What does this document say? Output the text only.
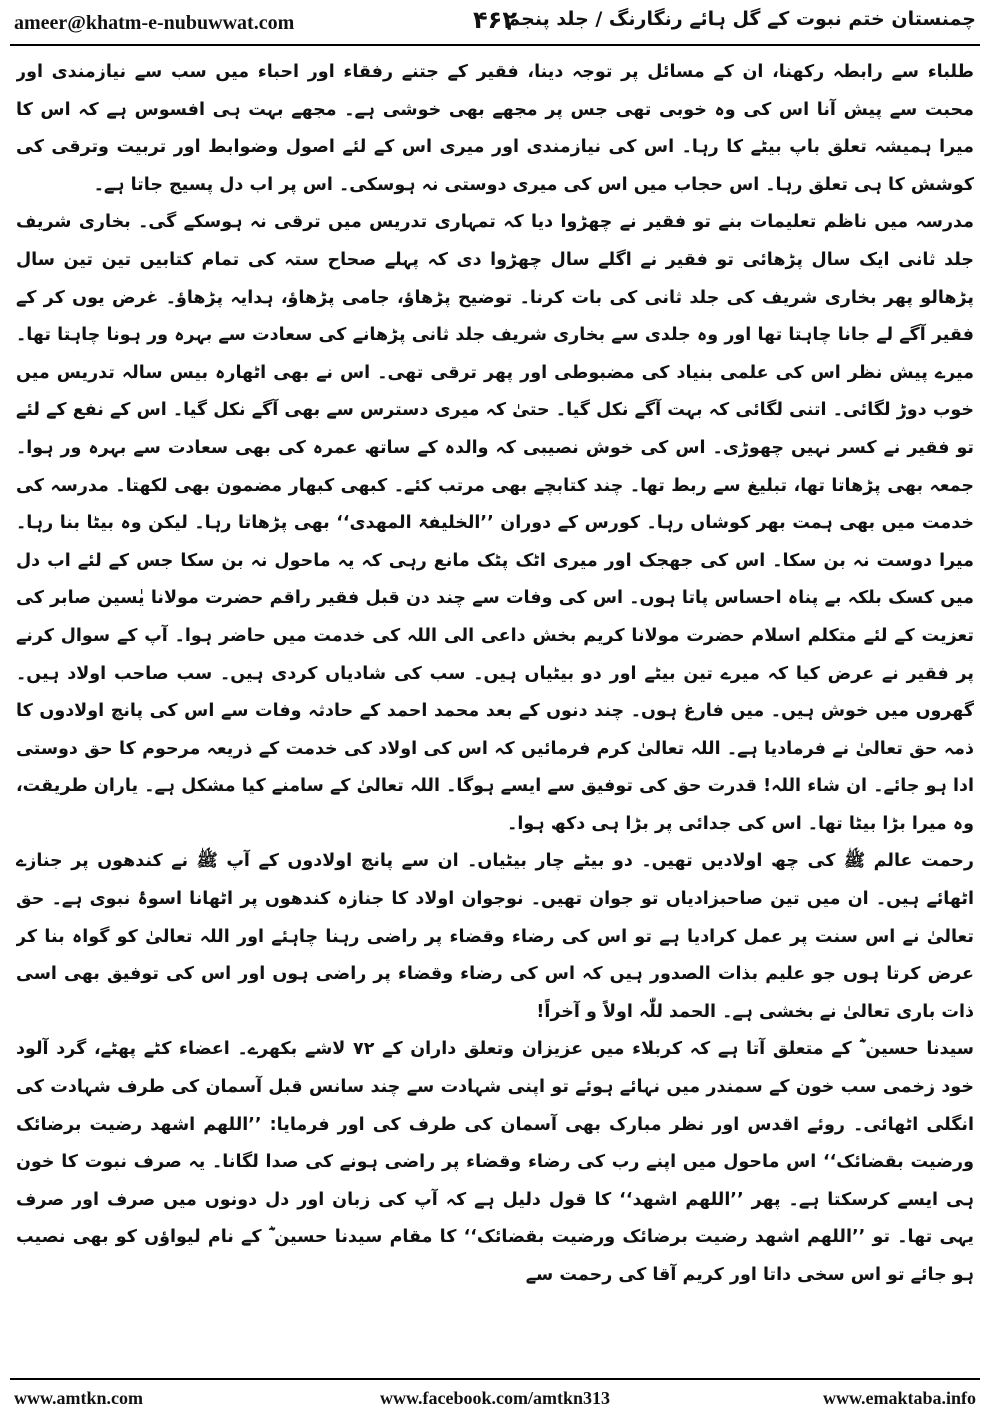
ameer@khatm-e-nubuwwat.com	۴۶۲
چمنستان ختم نبوت کے گل ہائے رنگارنگ / جلد پنجم

طلباء سے رابطہ رکھنا، ان کے مسائل پر توجہ دینا، فقیر کے جتنے رفقاء اور احباء میں سب سے نیازمندی اور محبت سے پیش آنا اس کی وہ خوبی تھی جس پر مجھے بھی خوشی ہے۔ مجھے بہت ہی افسوس ہے کہ اس کا میرا ہمیشہ تعلق باپ بیٹے کا رہا۔ اس کی نیازمندی اور میری اس کے لئے اصول وضوابط اور تربیت وترقی کی کوشش کا ہی تعلق رہا۔ اس حجاب میں اس کی میری دوستی نہ ہوسکی۔ اس پر اب دل پسیج جاتا ہے۔

مدرسہ میں ناظم تعلیمات بنے تو فقیر نے چھڑوا دیا کہ تمہاری تدریس میں ترقی نہ ہوسکے گی۔ بخاری شریف جلد ثانی ایک سال پڑھائی تو فقیر نے اگلے سال چھڑوا دی کہ پہلے صحاح ستہ کی تمام کتابیں تین تین سال پڑھالو پھر بخاری شریف کی جلد ثانی کی بات کرنا۔ توضیح پڑھاؤ، جامی پڑھاؤ، ہدایہ پڑھاؤ۔ غرض یوں کر کے فقیر آگے لے جانا چاہتا تھا اور وہ جلدی سے بخاری شریف جلد ثانی پڑھانے کی سعادت سے بہرہ ور ہونا چاہتا تھا۔ میرے پیش نظر اس کی علمی بنیاد کی مضبوطی اور پھر ترقی تھی۔ اس نے بھی اٹھارہ بیس سالہ تدریس میں خوب دوڑ لگائی۔ اتنی لگائی کہ بہت آگے نکل گیا۔ حتیٰ کہ میری دسترس سے بھی آگے نکل گیا۔ اس کے نفع کے لئے تو فقیر نے کسر نہیں چھوڑی۔ اس کی خوش نصیبی کہ والدہ کے ساتھ عمرہ کی بھی سعادت سے بہرہ ور ہوا۔ جمعہ بھی پڑھاتا تھا، تبلیغ سے ربط تھا۔ چند کتابچے بھی مرتب کئے۔ کبھی کبھار مضمون بھی لکھتا۔ مدرسہ کی خدمت میں بھی ہمت بھر کوشاں رہا۔ کورس کے دوران ’’الخلیفۃ المھدی‘‘ بھی پڑھاتا رہا۔ لیکن وہ بیٹا بنا رہا۔ میرا دوست نہ بن سکا۔ اس کی جھجک اور میری اٹک پٹک مانع رہی کہ یہ ماحول نہ بن سکا جس کے لئے اب دل میں کسک بلکہ بے پناہ احساس پاتا ہوں۔ اس کی وفات سے چند دن قبل فقیر راقم حضرت مولانا یٰسین صابر کی تعزیت کے لئے متکلم اسلام حضرت مولانا کریم بخش داعی الی اللہ کی خدمت میں حاضر ہوا۔ آپ کے سوال کرنے پر فقیر نے عرض کیا کہ میرے تین بیٹے اور دو بیٹیاں ہیں۔ سب کی شادیاں کردی ہیں۔ سب صاحب اولاد ہیں۔ گھروں میں خوش ہیں۔ میں فارغ ہوں۔ چند دنوں کے بعد محمد احمد کے حادثہ وفات سے اس کی پانچ اولادوں کا ذمہ حق تعالیٰ نے فرمادیا ہے۔ اللہ تعالیٰ کرم فرمائیں کہ اس کی اولاد کی خدمت کے ذریعہ مرحوم کا حق دوستی ادا ہو جائے۔ ان شاء اللہ! قدرت حق کی توفیق سے ایسے ہوگا۔ اللہ تعالیٰ کے سامنے کیا مشکل ہے۔ یاران طریقت، وہ میرا بڑا بیٹا تھا۔ اس کی جدائی پر بڑا ہی دکھ ہوا۔

رحمت عالم ﷺ کی چھ اولادیں تھیں۔ دو بیٹے چار بیٹیاں۔ ان سے پانچ اولادوں کے آپ ﷺ نے کندھوں پر جنازے اٹھائے ہیں۔ ان میں تین صاحبزادیاں تو جوان تھیں۔ نوجوان اولاد کا جنازہ کندھوں پر اٹھانا اسوۂ نبوی ہے۔ حق تعالیٰ نے اس سنت پر عمل کرادیا ہے تو اس کی رضاء وقضاء پر راضی رہنا چاہئے اور اللہ تعالیٰ کو گواہ بنا کر عرض کرتا ہوں جو علیم بذات الصدور ہیں کہ اس کی رضاء وقضاء پر راضی ہوں اور اس کی توفیق بھی اسی ذات باری تعالیٰ نے بخشی ہے۔ الحمد للّٰہ اولاً و آخراً!

سیدنا حسین ؓ کے متعلق آتا ہے کہ کربلاء میں عزیزان وتعلق داران کے ۷۲ لاشے بکھرے۔ اعضاء کٹے پھٹے، گرد آلود خود زخمی سب خون کے سمندر میں نہائے ہوئے تو اپنی شہادت سے چند سانس قبل آسمان کی طرف شہادت کی انگلی اٹھائی۔ روئے اقدس اور نظر مبارک بھی آسمان کی طرف کی اور فرمایا: ’’اللھم اشھد رضیت برضائک ورضیت بقضائک‘‘ اس ماحول میں اپنے رب کی رضاء وقضاء پر راضی ہونے کی صدا لگانا۔ یہ صرف نبوت کا خون ہی ایسے کرسکتا ہے۔ پھر ’’اللھم اشھد‘‘ کا قول دلیل ہے کہ آپ کی زبان اور دل دونوں میں صرف اور صرف یہی تھا۔ تو ’’اللھم اشھد رضیت برضائک ورضیت بقضائک‘‘ کا مقام سیدنا حسین ؓ کے نام لیواؤں کو بھی نصیب ہو جائے تو اس سخی داتا اور کریم آقا کی رحمت سے

www.amtkn.com	www.facebook.com/amtkn313	www.emaktaba.info
